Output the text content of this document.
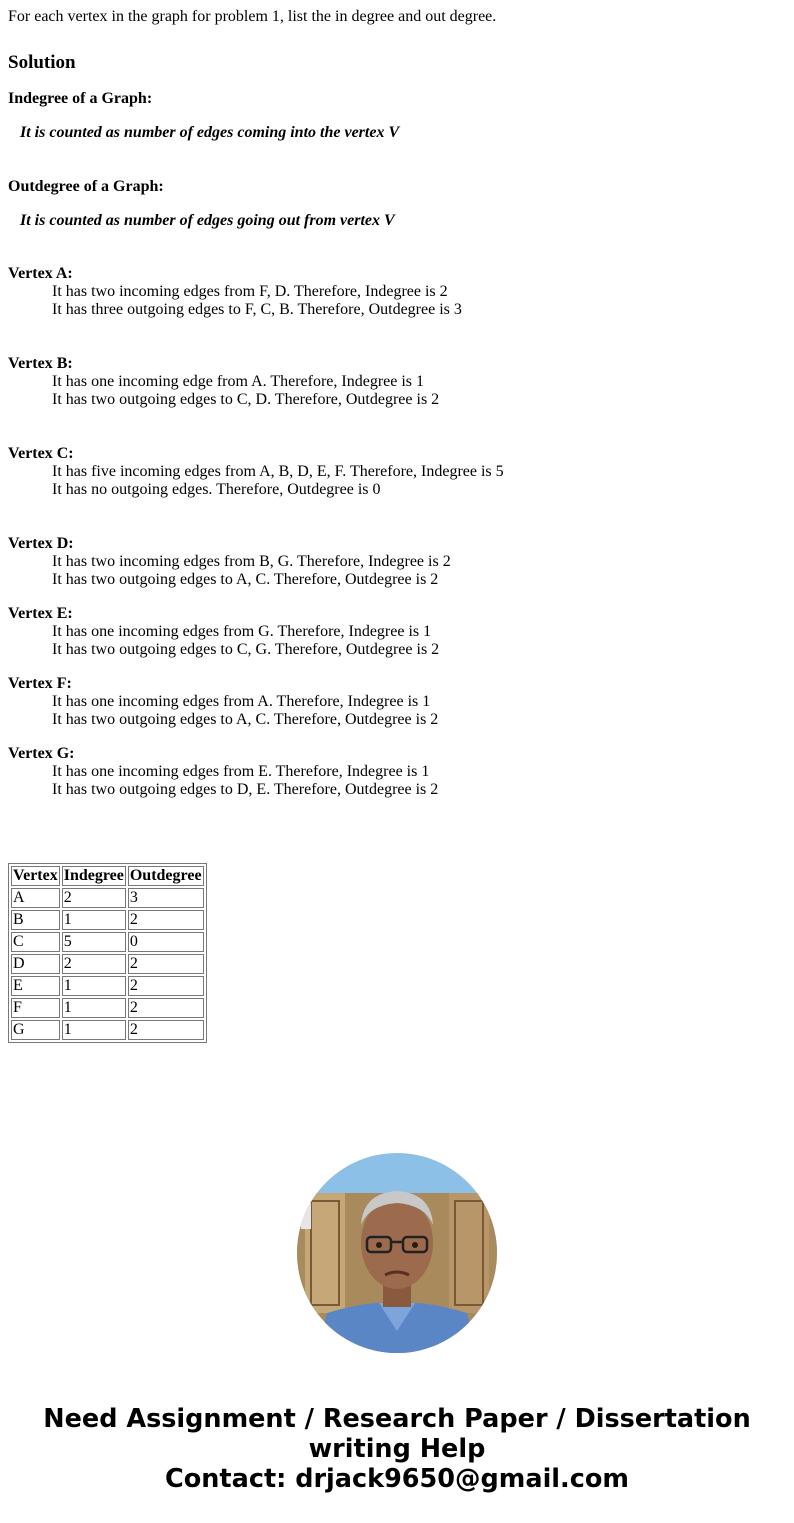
For each vertex in the graph for problem 1, list the in degree and out degree.
Solution
Indegree of a Graph:
It is counted as number of edges coming into the vertex V
Outdegree of a Graph:
It is counted as number of edges going out from vertex V
Vertex A:
It has two incoming edges from F, D. Therefore, Indegree is 2
It has three outgoing edges to F, C, B. Therefore, Outdegree is 3
Vertex B:
It has one incoming edge from A. Therefore, Indegree is 1
It has two outgoing edges to C, D. Therefore, Outdegree is 2
Vertex C:
It has five incoming edges from A, B, D, E, F. Therefore, Indegree is 5
It has no outgoing edges. Therefore, Outdegree is 0
Vertex D:
It has two incoming edges from B, G. Therefore, Indegree is 2
It has two outgoing edges to A, C. Therefore, Outdegree is 2
Vertex E:
It has one incoming edges from G. Therefore, Indegree is 1
It has two outgoing edges to C, G. Therefore, Outdegree is 2
Vertex F:
It has one incoming edges from A. Therefore, Indegree is 1
It has two outgoing edges to A, C. Therefore, Outdegree is 2
Vertex G:
It has one incoming edges from E. Therefore, Indegree is 1
It has two outgoing edges to D, E. Therefore, Outdegree is 2
Vertex	Indegree	Outdegree
A	2	3
B	1	2
C	5	0
D	2	2
E	1	2
F	1	2
G	1	2
Need Assignment / Research Paper / Dissertation
writing Help
Contact: drjack9650@gmail.com
